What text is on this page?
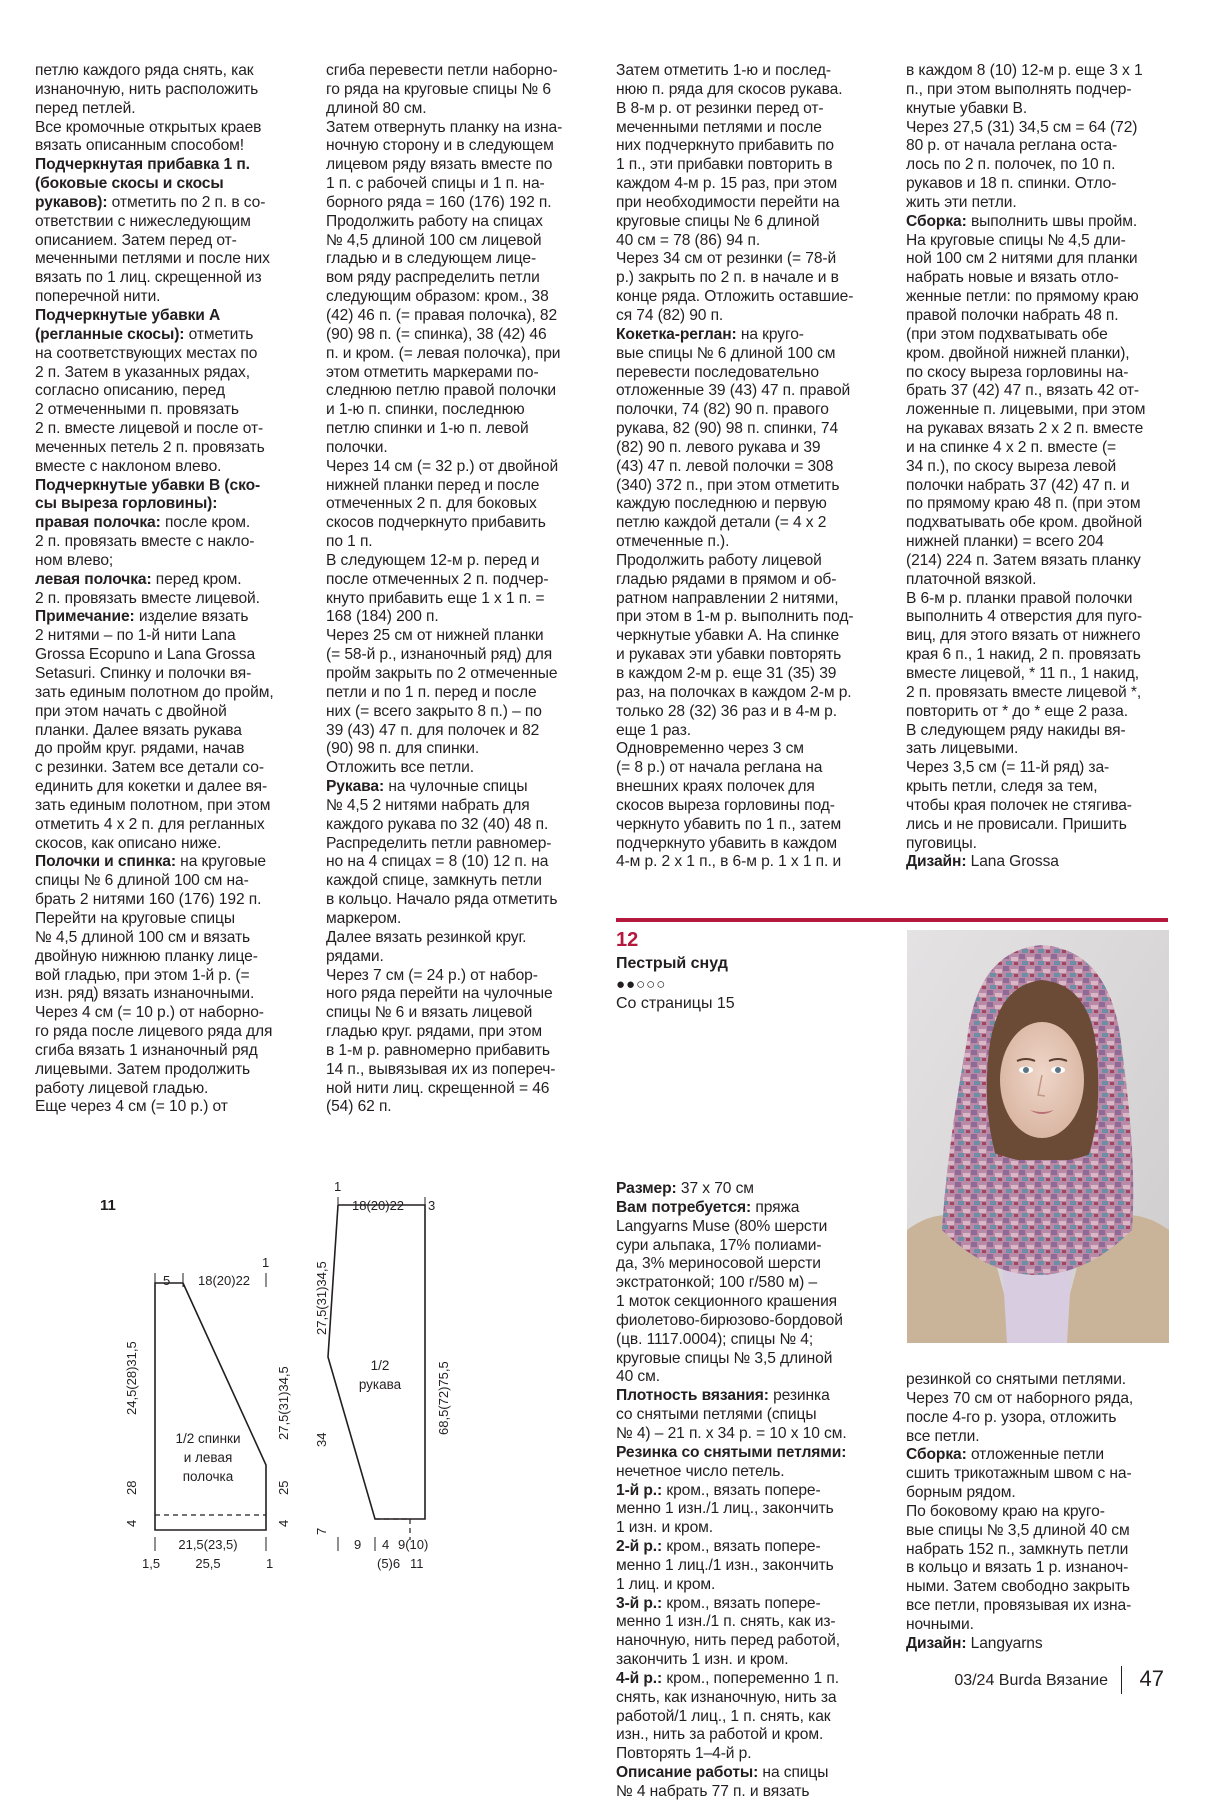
петлю каждого ряда снять, как

изнаночную, нить расположить

перед петлей.

Все кромочные открытых краев

вязать описанным способом!

Подчеркнутая прибавка 1 п.

(боковые скосы и скосы

рукавов): отметить по 2 п. в со-

ответствии с нижеследующим

описанием. Затем перед от-

меченными петлями и после них

вязать по 1 лиц. скрещенной из

поперечной нити.

Подчеркнутые убавки А

(регланные скосы): отметить

на соответствующих местах по

2 п. Затем в указанных рядах,

согласно описанию, перед

2 отмеченными п. провязать

2 п. вместе лицевой и после от-

меченных петель 2 п. провязать

вместе с наклоном влево.

Подчеркнутые убавки В (ско-

сы выреза горловины):

правая полочка: после кром.

2 п. провязать вместе с накло-

ном влево;

левая полочка: перед кром.

2 п. провязать вместе лицевой.

Примечание: изделие вязать

2 нитями – по 1-й нити Lana

Grossa Ecopuno и Lana Grossa

Setasuri. Спинку и полочки вя-

зать единым полотном до пройм,

при этом начать с двойной

планки. Далее вязать рукава

до пройм круг. рядами, начав

с резинки. Затем все детали со-

единить для кокетки и далее вя-

зать единым полотном, при этом

отметить 4 х 2 п. для регланных

скосов, как описано ниже.

Полочки и спинка: на круговые

спицы № 6 длиной 100 см на-

брать 2 нитями 160 (176) 192 п.

Перейти на круговые спицы

№ 4,5 длиной 100 см и вязать

двойную нижнюю планку лице-

вой гладью, при этом 1-й р. (=

изн. ряд) вязать изнаночными.

Через 4 см (= 10 р.) от наборно-

го ряда после лицевого ряда для

сгиба вязать 1 изнаночный ряд

лицевыми. Затем продолжить

работу лицевой гладью.

Еще через 4 см (= 10 р.) от

сгиба перевести петли наборно-

го ряда на круговые спицы № 6

длиной 80 см.

Затем отвернуть планку на изна-

ночную сторону и в следующем

лицевом ряду вязать вместе по

1 п. с рабочей спицы и 1 п. на-

борного ряда = 160 (176) 192 п.

Продолжить работу на спицах

№ 4,5 длиной 100 см лицевой

гладью и в следующем лице-

вом ряду распределить петли

следующим образом: кром., 38

(42) 46 п. (= правая полочка), 82

(90) 98 п. (= спинка), 38 (42) 46

п. и кром. (= левая полочка), при

этом отметить маркерами по-

следнюю петлю правой полочки

и 1-ю п. спинки, последнюю

петлю спинки и 1-ю п. левой

полочки.

Через 14 см (= 32 р.) от двойной

нижней планки перед и после

отмеченных 2 п. для боковых

скосов подчеркнуто прибавить

по 1 п.

В следующем 12-м р. перед и

после отмеченных 2 п. подчер-

кнуто прибавить еще 1 х 1 п. =

168 (184) 200 п.

Через 25 см от нижней планки

(= 58-й р., изнаночный ряд) для

пройм закрыть по 2 отмеченные

петли и по 1 п. перед и после

них (= всего закрыто 8 п.) – по

39 (43) 47 п. для полочек и 82

(90) 98 п. для спинки.

Отложить все петли.

Рукава: на чулочные спицы

№ 4,5 2 нитями набрать для

каждого рукава по 32 (40) 48 п.

Распределить петли равномер-

но на 4 спицах = 8 (10) 12 п. на

каждой спице, замкнуть петли

в кольцо. Начало ряда отметить

маркером.

Далее вязать резинкой круг.

рядами.

Через 7 см (= 24 р.) от набор-

ного ряда перейти на чулочные

спицы № 6 и вязать лицевой

гладью круг. рядами, при этом

в 1-м р. равномерно прибавить

14 п., вывязывая их из попереч-

ной нити лиц. скрещенной = 46

(54) 62 п.

Затем отметить 1-ю и послед-

нюю п. ряда для скосов рукава.

В 8-м р. от резинки перед от-

меченными петлями и после

них подчеркнуто прибавить по

1 п., эти прибавки повторить в

каждом 4-м р. 15 раз, при этом

при необходимости перейти на

круговые спицы № 6 длиной

40 см = 78 (86) 94 п.

Через 34 см от резинки (= 78-й

р.) закрыть по 2 п. в начале и в

конце ряда. Отложить оставшие-

ся 74 (82) 90 п.

Кокетка-реглан: на круго-

вые спицы № 6 длиной 100 см

перевести последовательно

отложенные 39 (43) 47 п. правой

полочки, 74 (82) 90 п. правого

рукава, 82 (90) 98 п. спинки, 74

(82) 90 п. левого рукава и 39

(43) 47 п. левой полочки = 308

(340) 372 п., при этом отметить

каждую последнюю и первую

петлю каждой детали (= 4 х 2

отмеченные п.).

Продолжить работу лицевой

гладью рядами в прямом и об-

ратном направлении 2 нитями,

при этом в 1-м р. выполнить под-

черкнутые убавки А. На спинке

и рукавах эти убавки повторять

в каждом 2-м р. еще 31 (35) 39

раз, на полочках в каждом 2-м р.

только 28 (32) 36 раз и в 4-м р.

еще 1 раз.

Одновременно через 3 см

(= 8 р.) от начала реглана на

внешних краях полочек для

скосов выреза горловины под-

черкнуто убавить по 1 п., затем

подчеркнуто убавить в каждом

4-м р. 2 х 1 п., в 6-м р. 1 х 1 п. и

в каждом 8 (10) 12-м р. еще 3 х 1

п., при этом выполнять подчер-

кнутые убавки В.

Через 27,5 (31) 34,5 см = 64 (72)

80 р. от начала реглана оста-

лось по 2 п. полочек, по 10 п.

рукавов и 18 п. спинки. Отло-

жить эти петли.

Сборка: выполнить швы пройм.

На круговые спицы № 4,5 дли-

ной 100 см 2 нитями для планки

набрать новые и вязать отло-

женные петли: по прямому краю

правой полочки набрать 48 п.

(при этом подхватывать обе

кром. двойной нижней планки),

по скосу выреза горловины на-

брать 37 (42) 47 п., вязать 42 от-

ложенные п. лицевыми, при этом

на рукавах вязать 2 х 2 п. вместе

и на спинке 4 х 2 п. вместе (=

34 п.), по скосу выреза левой

полочки набрать 37 (42) 47 п. и

по прямому краю 48 п. (при этом

подхватывать обе кром. двойной

нижней планки) = всего 204

(214) 224 п. Затем вязать планку

платочной вязкой.

В 6-м р. планки правой полочки

выполнить 4 отверстия для пуго-

виц, для этого вязать от нижнего

края 6 п., 1 накид, 2 п. провязать

вместе лицевой, * 11 п., 1 накид,

2 п. провязать вместе лицевой *,

повторить от * до * еще 2 раза.

В следующем ряду накиды вя-

зать лицевыми.

Через 3,5 см (= 11-й ряд) за-

крыть петли, следя за тем,

чтобы края полочек не стягива-

лись и не провисали. Пришить

пуговицы.

Дизайн: Lana Grossa

12
Пестрый снуд
●●○○○
Со страницы 15

Размер: 37 х 70 см

Вам потребуется: пряжа

Langyarns Muse (80% шерсти

сури альпака, 17% полиами-

да, 3% мериносовой шерсти

экстратонкой; 100 г/580 м) –

1 моток секционного крашения

фиолетово-бирюзово-бордовой

(цв. 1117.0004); спицы № 4;

круговые спицы № 3,5 длиной

40 см.

Плотность вязания: резинка

со снятыми петлями (спицы

№ 4) – 21 п. х 34 р. = 10 х 10 см.

Резинка со снятыми петлями:

нечетное число петель.

1-й р.: кром., вязать попере-

менно 1 изн./1 лиц., закончить

1 изн. и кром.

2-й р.: кром., вязать попере-

менно 1 лиц./1 изн., закончить

1 лиц. и кром.

3-й р.: кром., вязать попере-

менно 1 изн./1 п. снять, как из-

наночную, нить перед работой,

закончить 1 изн. и кром.

4-й р.: кром., попеременно 1 п.

снять, как изнаночную, нить за

работой/1 лиц., 1 п. снять, как

изн., нить за работой и кром.

Повторять 1–4-й р.

Описание работы: на спицы

№ 4 набрать 77 п. и вязать

резинкой со снятыми петлями.

Через 70 см от наборного ряда,

после 4-го р. узора, отложить

все петли.

Сборка: отложенные петли

сшить трикотажным швом с на-

борным рядом.

По боковому краю на круго-

вые спицы № 3,5 длиной 40 см

набрать 152 п., замкнуть петли

в кольцо и вязать 1 р. изнаноч-

ными. Затем свободно закрыть

все петли, провязывая их изна-

ночными.

Дизайн: Langyarns

11
5 18(20)22
1
24,5(28)31,5
28
4
27,5(31)34,5
25
4
1/2 спинки
и левая
полочка
21,5(23,5)
25,5
1,5	1
1
18(20)22 3
27,5(31)34,5
34
7
68,5(72)75,5
1/2
рукава
9 4 9(10)
(5)6 11
03/24 Burda Вязание 47
